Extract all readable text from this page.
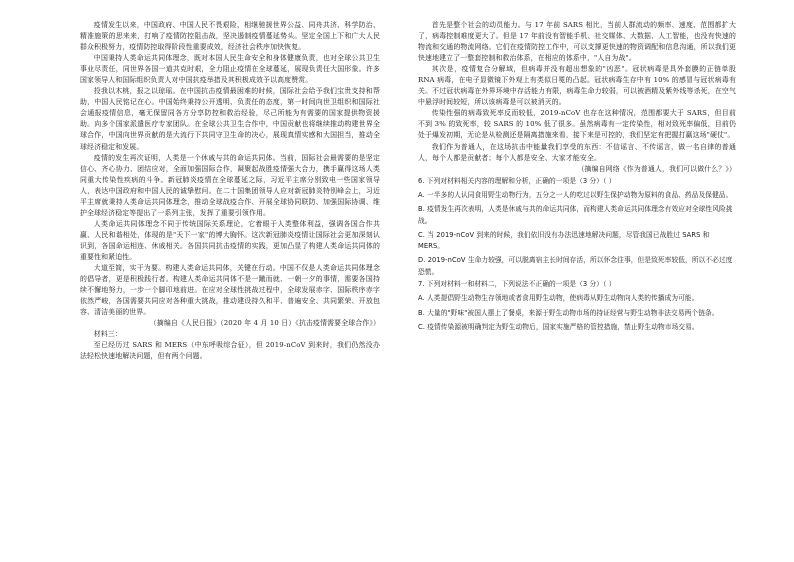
疫情发生以来，中国政府、中国人民不畏艰险，相继驰援世界公益、同舟共济、科学防治、精准施策的思来来，打响了疫情防控阻击战，坚决遏制疫情蔓延势头。坚定全国上下和广大人民群众积极努力，疫情防控取得阶段性重要成效，经济社会秩序加快恢复。

中国秉持人类命运共同体理念，既对本国人民生命安全和身体健康负责，也对全球公共卫生事业尽责任，同世界各国一道共克时艰，全力阻止疫情在全球蔓延，展现负责任大国形象。许多国家领导人和国际组织负责人对中国抗疫举措及其积极成效予以高度赞赏。

投我以木桃，报之以琼瑶。在中国抗击疫情最困难的时候，国际社会给予我们宝贵支持和帮助，中国人民铭记在心。中国始终秉持公开透明、负责任的态度，第一时间向世卫组织和国际社会通报疫情信息，毫无保留同各方分享防控和救治经验，尽己所能为有需要的国家提供物资援助。向多个国家派遣医疗专家团队。在全球公共卫生合作中，中国贡献也将继续推动构建世界全球合作，中国向世界贡献的是大流行下共同守卫生命的决心，展现真情实感和大国担当，推动全球经济稳定和发展。

疫情的发生再次证明，人类是一个休戚与共的命运共同体。当前，国际社会最需要的是坚定信心、齐心协力、团结应对，全面加强国际合作，凝聚起战胜疫情强大合力，携手赢得这场人类同重大传染性疾病的斗争。新冠肺炎疫情在全球蔓延之际，习近平主席分别致电一些国家领导人，表达中国政府和中国人民的诚挚慰问。在二十国集团领导人应对新冠肺炎特别峰会上，习近平主席就秉持人类命运共同体理念，推动全球战疫合作、开展全球协同联防、加强国际协调、维护全球经济稳定等提出了一系列主张，发挥了重要引领作用。

人类命运共同体理念不同于传统国际关系理论，它着眼于人类整体利益，强调各国合作共赢、人民和谐相处，体现的是"天下一家"的博大胸怀。这次新冠肺炎疫情让国际社会更加深刻认识到，各国命运相连、休戚相关。各国共同抗击疫情的实践，更加凸显了构建人类命运共同体的重要性和紧迫性。

大道至简，实干为要。构建人类命运共同体，关键在行动。中国不仅是人类命运共同体理念的倡导者，更是积极践行者。构建人类命运共同体不是一蹴而就、一朝一夕的事情，需要各国持续不懈地努力，一步一个脚印地前进。在应对全球性挑战过程中，全球发展赤字、国际秩序赤字依然严峻，各国需要共同应对各种重大挑战，推动建设持久和平、普遍安全、共同繁荣、开放包容、清洁美丽的世界。

（摘编自《人民日报》（2020 年 4 月 10 日）《抗击疫情需要全球合作》）

材料三：

至已经历过 SARS 和 MERS（中东呼吸综合征），但 2019-nCoV 到来时，我们仍然没办法轻松快速地解决问题，但有两个问题。

首先是整个社会的动员能力。与 17 年前 SARS 相比，当前人群流动的频率、速度、范围都扩大了，病毒控制难度更大了。但是 17 年前没有智能手机、社交媒体、大数据、人工智能，也没有快速的物流和交通的物流网络。它们在疫情防控工作中，可以支撑更快速的物资调配和信息沟通，所以我们更快速地建立了一整套控制和救治体系，在相应的体系中，"人自为战"。

其次是，疫情复合分解域，但病毒并没有超出想象的"凶恶"。冠状病毒是具外套膜的正链单股 RNA 病毒，在电子显微镜下外观上有类似日冕的凸起。冠状病毒生存中有 10% 的感冒与冠状病毒有关。不过冠状病毒在外界环境中存活能力有限，病毒生命力较弱，可以被酒精及紫外线等杀死，在空气中悬浮时间较短，所以该病毒是可以被消灭的。

传染性强的病毒致死率反而较低，2019-nCoV 也存在这种情况，范围都要大于 SARS，但目前不到 3% 的致死率，较 SARS 的 10% 低了很多。虽然病毒有一定传染性，相对致死率偏低，目前仍处于爆发初期，无论是从检测还是隔离措施来看，接下来是可控的，我们坚定有把握打赢这场"硬仗"。

我们作为普通人，在这场抗击中能量我们享受的东西：不信谣言、不传谣言，做一名自律的普通人，每个人都是贡献者；每个人都是安全、大家才能安全。

（摘编自网络《作为普通人，我们可以做什么？》）

6. 下列对材料相关内容的理解和分析，正确的一项是（3 分）（ ）

A. 一半多的人认同食用野生动物行为，五分之一人的吃过以野生保护动物为原料的食品、药品及保健品。

B. 疫情发生再次表明，人类是休戚与共的命运共同体，而构建人类命运共同体理念有效应对全球性风险挑战。

C. 当 2019-nCoV 到来的时候，我们依旧没有办法迅速地解决问题，尽管我国已战胜过 SARS 和 MERS。

D. 2019-nCoV 生命力较强，可以脱离宿主长时间存活，所以怀念往事，但是致死率较低，所以不必过度恐慌。

7. 下列对材料一和材料二，下列说法不正确的一项是（3 分）（ ）

A. 人类提倡野生动物生存领地或者食用野生动物，使病毒从野生动物向人类的传播成为可能。

B. 大量的"野味"被国人摆上了餐桌，来源于野生动物市场的持证经营与野生动物非法交易两个链条。

C. 疫情传染源被明确判定为野生动物后，国家实施严格的管控措施，禁止野生动物市场交易。
